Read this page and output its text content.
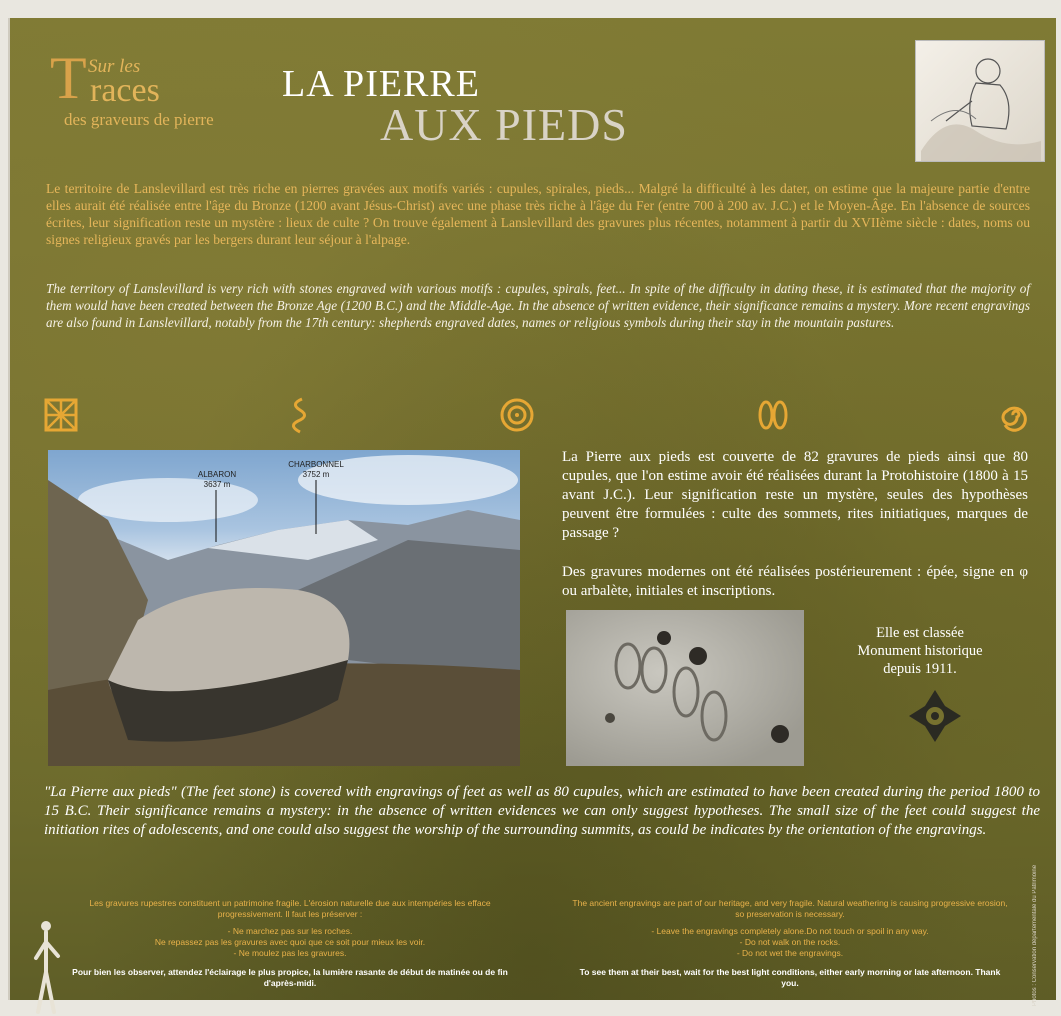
T Sur les
races
des graveurs de pierre
LA PIERRE
AUX PIEDS
Le territoire de Lanslevillard est très riche en pierres gravées aux motifs variés : cupules, spirales, pieds... Malgré la difficulté à les dater, on estime que la majeure partie d'entre elles aurait été réalisée entre l'âge du Bronze (1200 avant Jésus-Christ) avec une phase très riche à l'âge du Fer (entre 700 à 200 av. J.C.) et le Moyen-Âge. En l'absence de sources écrites, leur signification reste un mystère : lieux de culte ? On trouve également à Lanslevillard des gravures plus récentes, notamment à partir du XVIIème siècle : dates, noms ou signes religieux gravés par les bergers durant leur séjour à l'alpage.
The territory of Lanslevillard is very rich with stones engraved with various motifs : cupules, spirals, feet... In spite of the difficulty in dating these, it is estimated that the majority of them would have been created between the Bronze Age (1200 B.C.) and the Middle-Age. In the absence of written evidence, their significance remains a mystery. More recent engravings are also found in Lanslevillard, notably from the 17th century: shepherds engraved dates, names or religious symbols during their stay in the mountain pastures.
ALBARON
3637 m
CHARBONNEL
3752 m
La Pierre aux pieds est couverte de 82 gravures de pieds ainsi que 80 cupules, que l'on estime avoir été réalisées durant la Protohistoire (1800 à 15 avant J.C.). Leur signification reste un mystère, seules des hypothèses peuvent être formulées : culte des sommets, rites initiatiques, marques de passage ?
Des gravures modernes ont été réalisées postérieurement : épée, signe en φ ou arbalète, initiales et inscriptions.
Elle est classée
Monument historique
depuis 1911.
"La Pierre aux pieds" (The feet stone) is covered with engravings of feet as well as 80 cupules, which are estimated to have been created during the period 1800 to 15 B.C. Their significance remains a mystery: in the absence of written evidences we can only suggest hypotheses. The small size of the feet could suggest the initiation rites of adolescents, and one could also suggest the worship of the surrounding summits, as could be indicates by the orientation of the engravings.
Les gravures rupestres constituent un patrimoine fragile. L'érosion naturelle due aux intempéries les efface progressivement. Il faut les préserver :
- Ne marchez pas sur les roches.
Ne repassez pas les gravures avec quoi que ce soit pour mieux les voir.
- Ne moulez pas les gravures.
Pour bien les observer, attendez l'éclairage le plus propice, la lumière rasante de début de matinée ou de fin d'après-midi.
The ancient engravings are part of our heritage, and very fragile. Natural weathering is causing progressive erosion, so preservation is necessary.
- Leave the engravings completely alone.Do not touch or spoil in any way.
- Do not walk on the rocks.
- Do not wet the engravings.
To see them at their best, wait for the best light conditions, either early morning or late afternoon. Thank you.	Photos : Conservation départementale du Patrimoine
